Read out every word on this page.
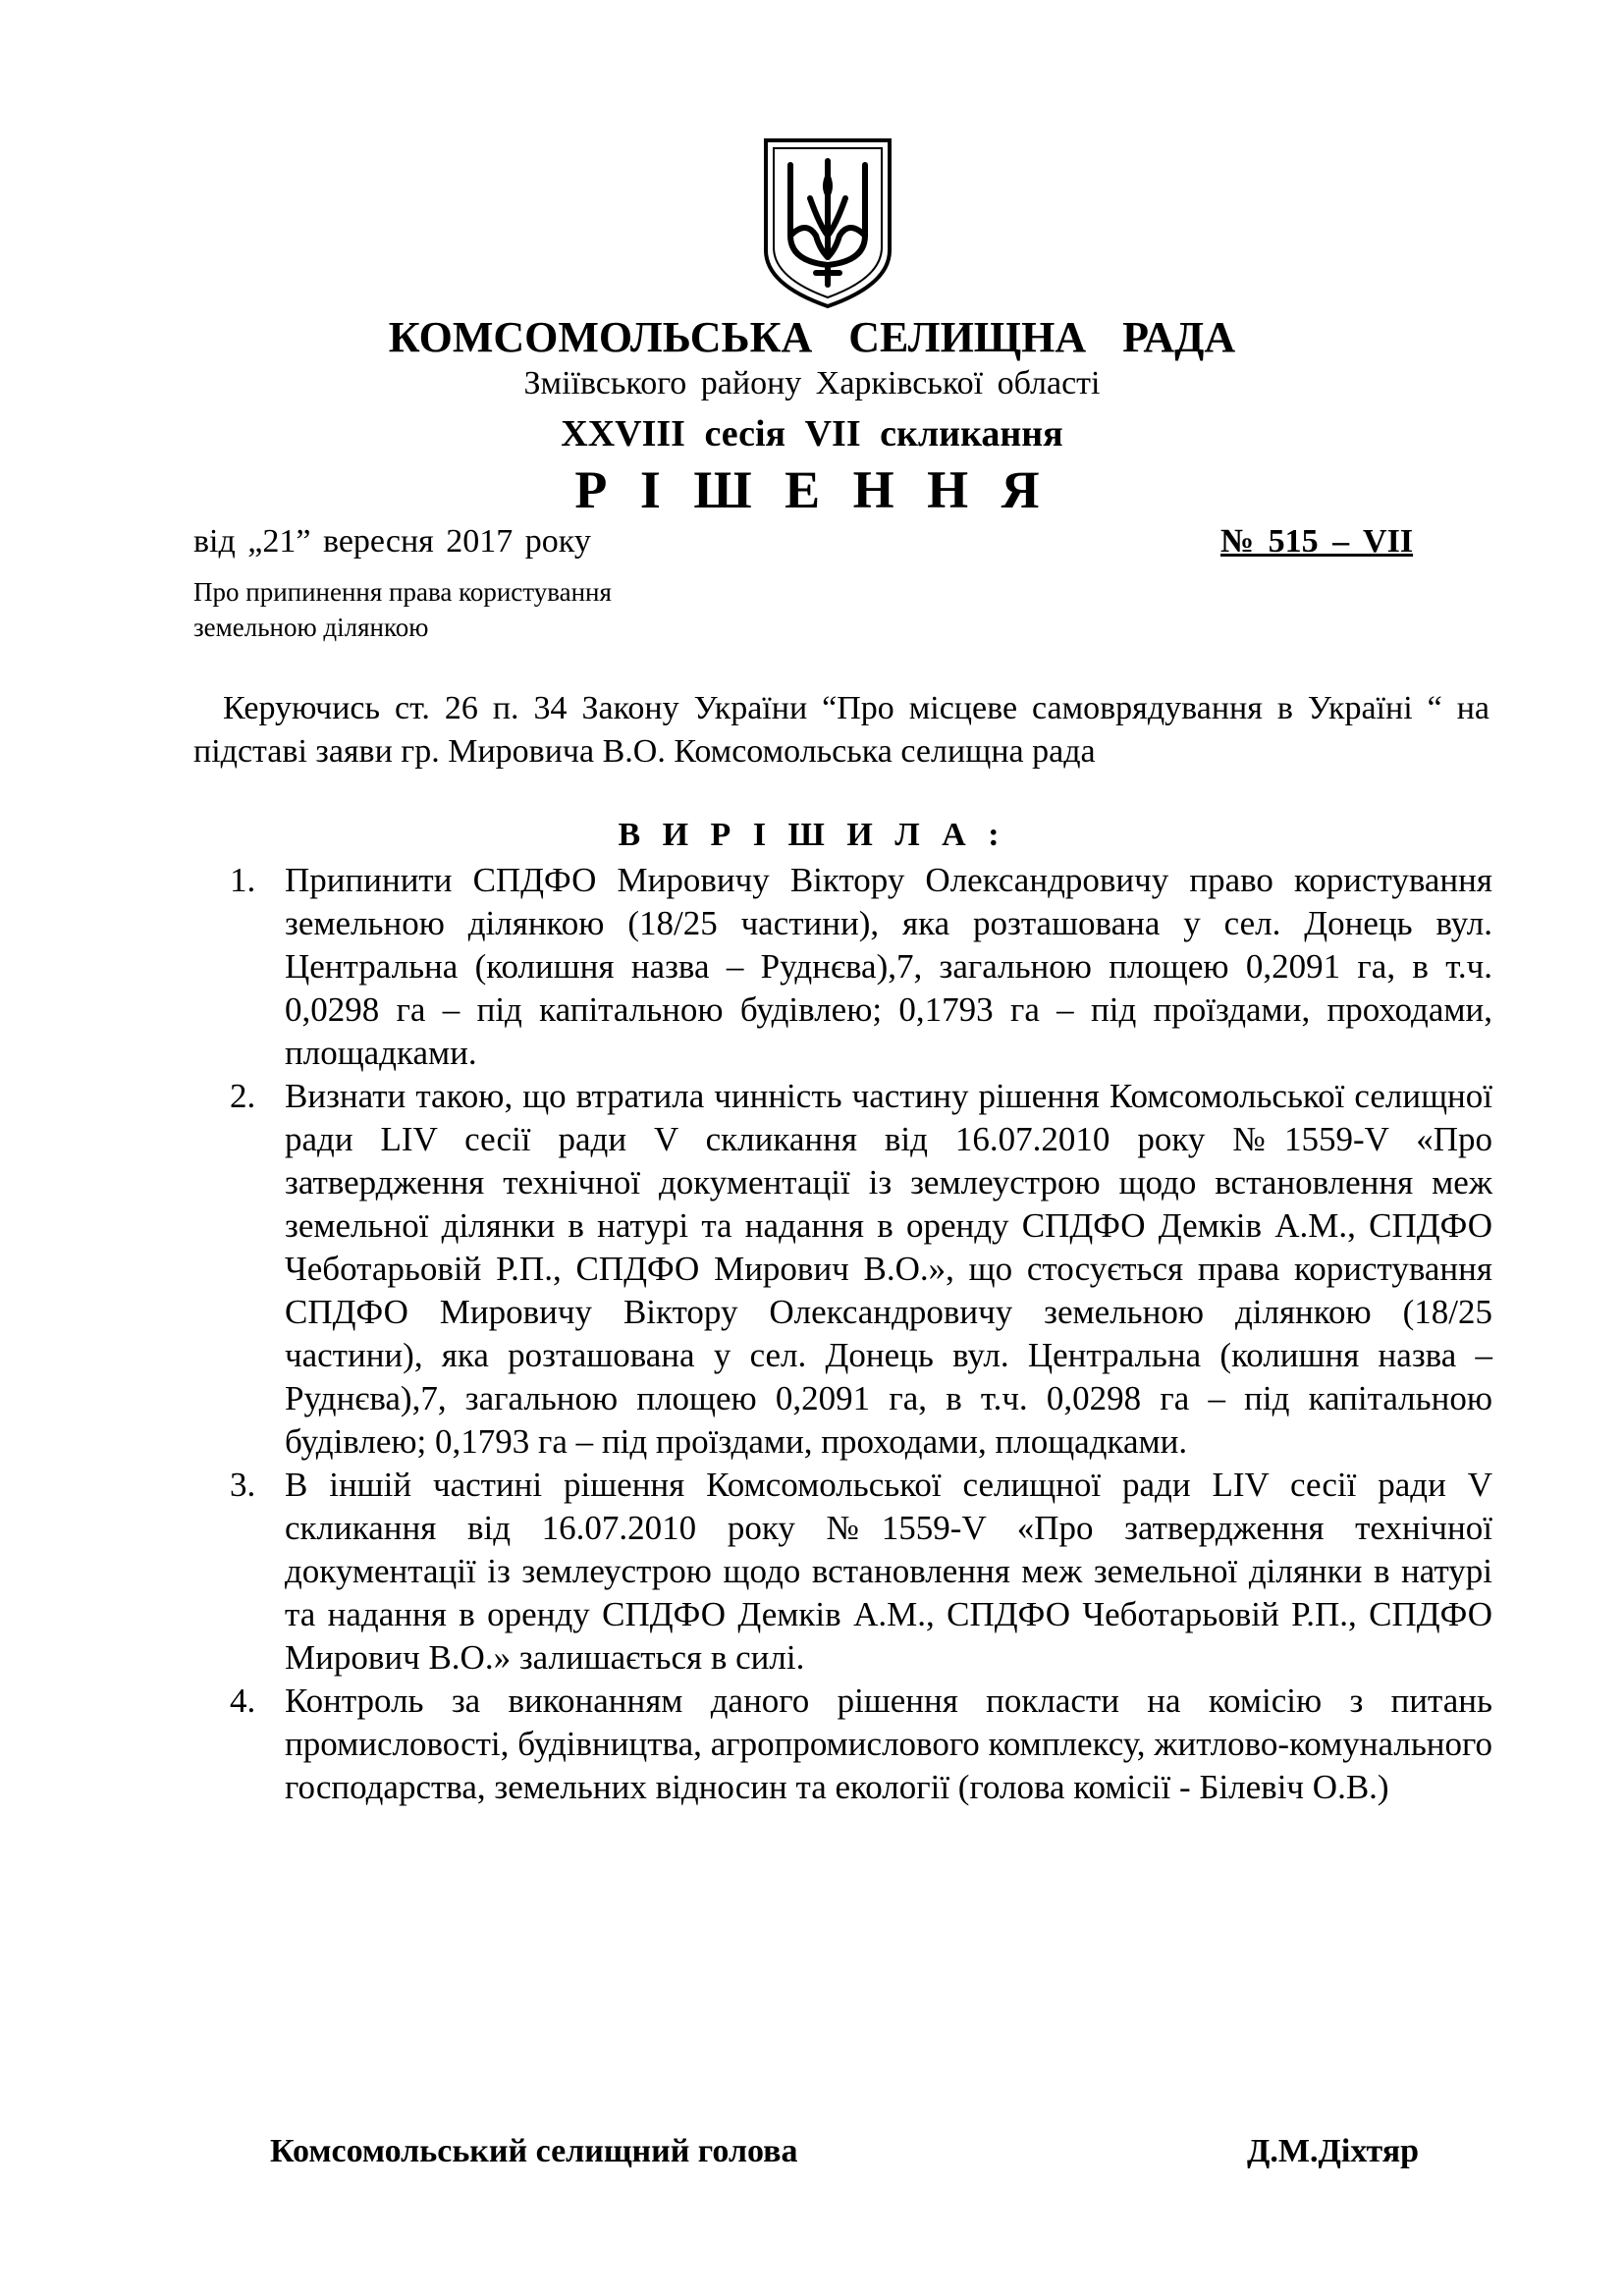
КОМСОМОЛЬСЬКА СЕЛИЩНА РАДА
Зміївського району Харківської області
XXVIII сесія VII скликання
Р І Ш Е Н Н Я
від „21” вересня 2017 року	№ 515 – VII
Про припинення права користування
земельною ділянкою
Керуючись ст. 26 п. 34 Закону України “Про місцеве самоврядування в Україні “ на підставі заяви гр. Мировича В.О. Комсомольська селищна рада
В И Р І Ш И Л А :
1. Припинити СПДФО Мировичу Віктору Олександровичу право користування земельною ділянкою (18/25 частини), яка розташована у сел. Донець вул. Центральна (колишня назва – Руднєва),7, загальною площею 0,2091 га, в т.ч. 0,0298 га – під капітальною будівлею; 0,1793 га – під проїздами, проходами, площадками.
2. Визнати такою, що втратила чинність частину рішення Комсомольської селищної ради LIV сесії ради V скликання від 16.07.2010 року №1559-V «Про затвердження технічної документації із землеустрою щодо встановлення меж земельної ділянки в натурі та надання в оренду СПДФО Демків А.М., СПДФО Чеботарьовій Р.П., СПДФО Мирович В.О.», що стосується права користування СПДФО Мировичу Віктору Олександровичу земельною ділянкою (18/25 частини), яка розташована у сел. Донець вул. Центральна (колишня назва – Руднєва),7, загальною площею 0,2091 га, в т.ч. 0,0298 га – під капітальною будівлею; 0,1793 га – під проїздами, проходами, площадками.
3. В іншій частині рішення Комсомольської селищної ради LIV сесії ради V скликання від 16.07.2010 року №1559-V «Про затвердження технічної документації із землеустрою щодо встановлення меж земельної ділянки в натурі та надання в оренду СПДФО Демків А.М., СПДФО Чеботарьовій Р.П., СПДФО Мирович В.О.» залишається в силі.
4. Контроль за виконанням даного рішення покласти на комісію з питань промисловості, будівництва, агропромислового комплексу, житлово-комунального господарства, земельних відносин та екології (голова комісії - Білевіч О.В.)
Комсомольський селищний голова	Д.М.Діхтяр
